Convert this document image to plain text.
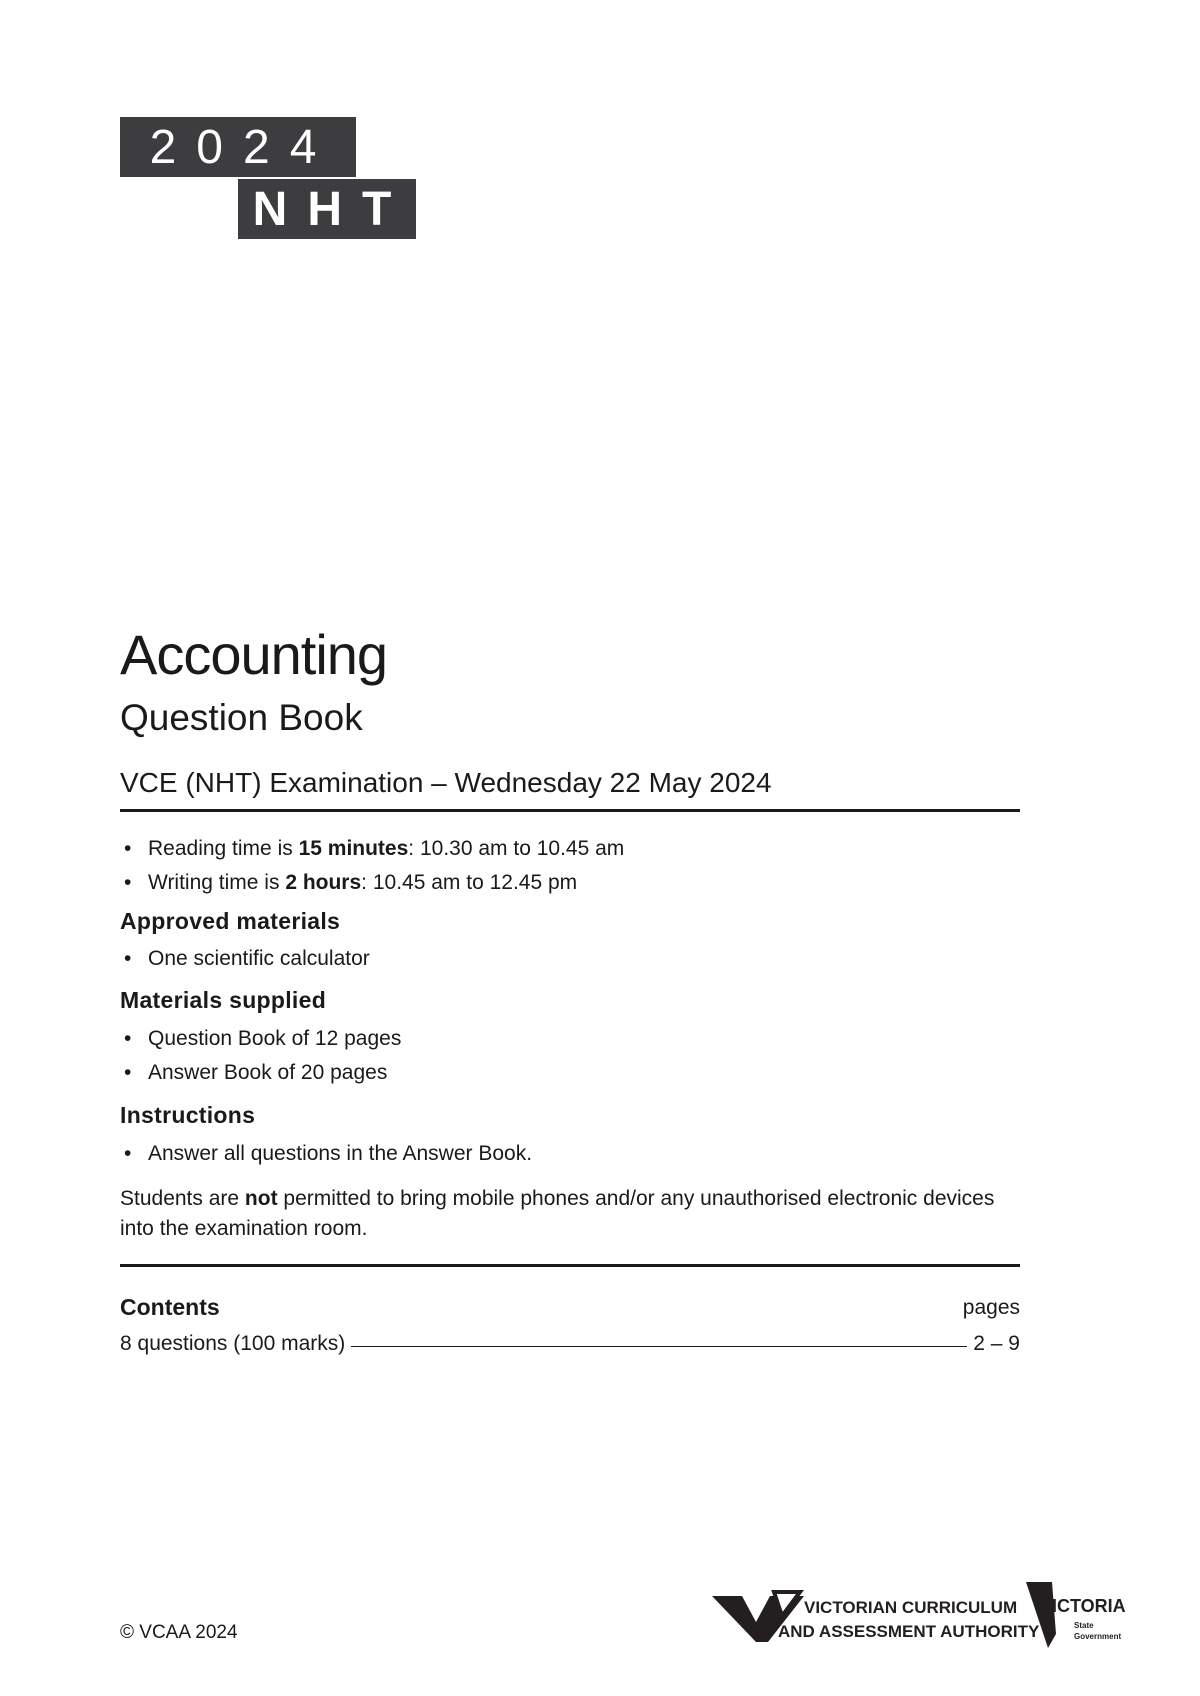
2024
NHT
Accounting
Question Book
VCE (NHT) Examination – Wednesday 22 May 2024
• Reading time is 15 minutes: 10.30 am to 10.45 am
• Writing time is 2 hours: 10.45 am to 12.45 pm
Approved materials
• One scientific calculator
Materials supplied
• Question Book of 12 pages
• Answer Book of 20 pages
Instructions
• Answer all questions in the Answer Book.

Students are not permitted to bring mobile phones and/or any unauthorised electronic devices into the examination room.

Contents	pages
8 questions (100 marks)	2 – 9
© VCAA 2024
VICTORIAN CURRICULUM
AND ASSESSMENT AUTHORITY
VICTORIA
State
Government
